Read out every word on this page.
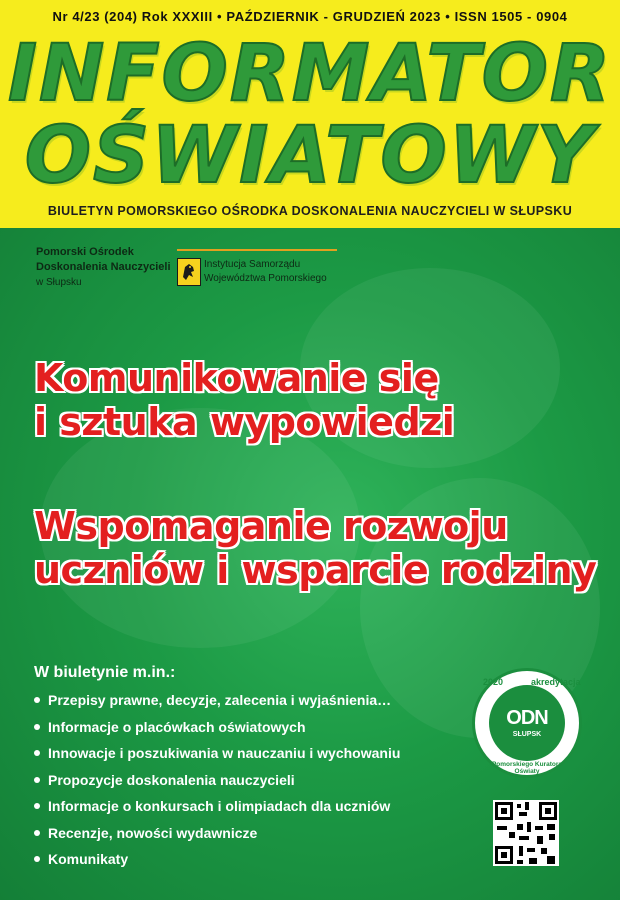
Nr 4/23 (204) Rok XXXIII • PAŹDZIERNIK - GRUDZIEŃ 2023 • ISSN 1505 - 0904
INFORMATOR
OŚWIATOWY
BIULETYN POMORSKIEGO OŚRODKA DOSKONALENIA NAUCZYCIELI W SŁUPSKU
Pomorski Ośrodek
Doskonalenia Nauczycieli
w Słupsku
Instytucja Samorządu
Województwa Pomorskiego
Komunikowanie się
i sztuka wypowiedzi
Wspomaganie rozwoju
uczniów i wsparcie rodziny
W biuletynie m.in.:
Przepisy prawne, decyzje, zalecenia i wyjaśnienia…
Informacje o placówkach oświatowych
Innowacje i poszukiwania w nauczaniu i wychowaniu
Propozycje doskonalenia nauczycieli
Informacje o konkursach i olimpiadach dla uczniów
Recenzje, nowości wydawnicze
Komunikaty
2020	akredytacja
ODN
SŁUPSK
Pomorskiego Kuratora Oświaty
